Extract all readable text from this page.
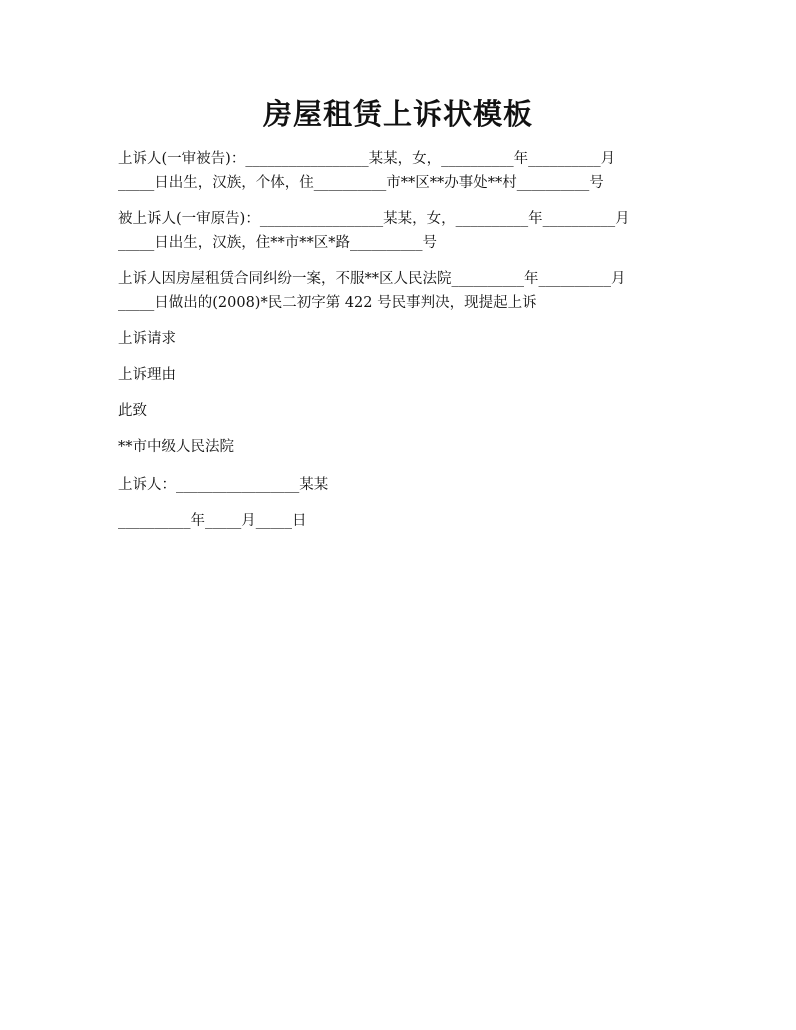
房屋租赁上诉状模板

上诉人(一审被告)：_________________某某，女，__________年__________月
_____日出生，汉族，个体，住__________市**区**办事处**村__________号

被上诉人(一审原告)：_________________某某，女，__________年__________月
_____日出生，汉族，住**市**区*路__________号

上诉人因房屋租赁合同纠纷一案，不服**区人民法院__________年__________月
_____日做出的(2008)*民二初字第 422 号民事判决，现提起上诉

上诉请求

上诉理由

此致

**市中级人民法院

上诉人：_________________某某

__________年_____月_____日
